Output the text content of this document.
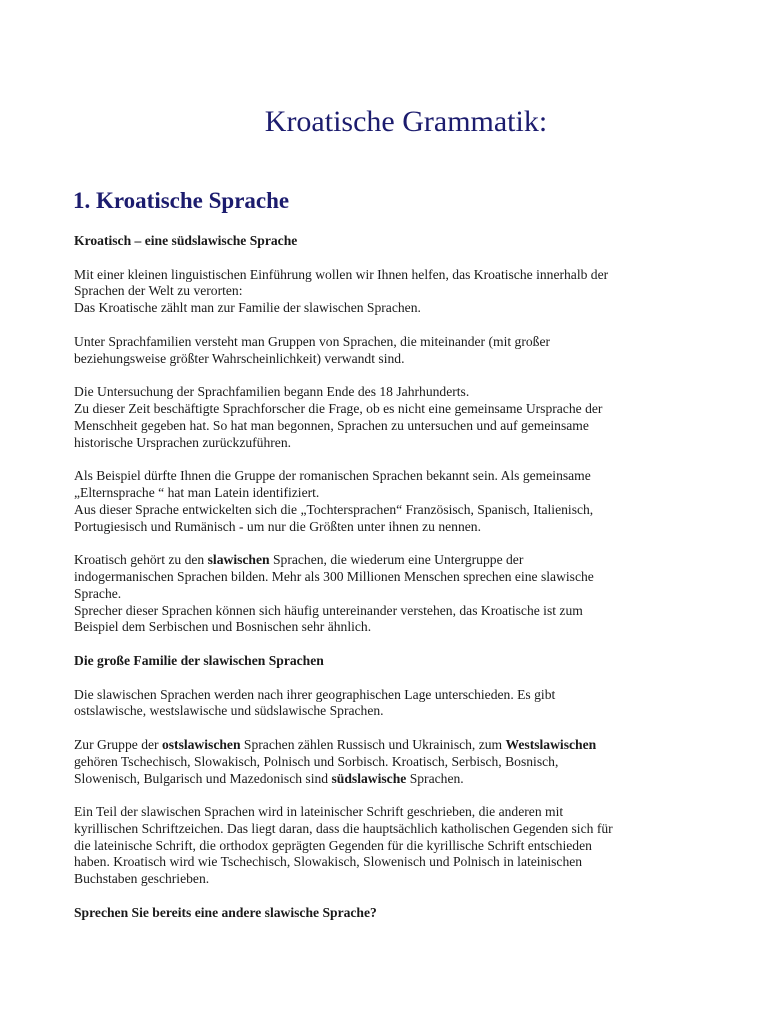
Kroatische Grammatik:
1. Kroatische Sprache
Kroatisch – eine südslawische Sprache

Mit einer kleinen linguistischen Einführung wollen wir Ihnen helfen, das Kroatische innerhalb der
Sprachen der Welt zu verorten:
Das Kroatische zählt man zur Familie der slawischen Sprachen.

Unter Sprachfamilien versteht man Gruppen von Sprachen, die miteinander (mit großer
beziehungsweise größter Wahrscheinlichkeit) verwandt sind.

Die Untersuchung der Sprachfamilien begann Ende des 18 Jahrhunderts.
Zu dieser Zeit beschäftigte Sprachforscher die Frage, ob es nicht eine gemeinsame Ursprache der
Menschheit gegeben hat. So hat man begonnen, Sprachen zu untersuchen und auf gemeinsame
historische Ursprachen zurückzuführen.

Als Beispiel dürfte Ihnen die Gruppe der romanischen Sprachen bekannt sein. Als gemeinsame
„Elternsprache “ hat man Latein identifiziert.
Aus dieser Sprache entwickelten sich die „Tochtersprachen“ Französisch, Spanisch, Italienisch,
Portugiesisch und Rumänisch - um nur die Größten unter ihnen zu nennen.

Kroatisch gehört zu den slawischen Sprachen, die wiederum eine Untergruppe der
indogermanischen Sprachen bilden. Mehr als 300 Millionen Menschen sprechen eine slawische
Sprache.
Sprecher dieser Sprachen können sich häufig untereinander verstehen, das Kroatische ist zum
Beispiel dem Serbischen und Bosnischen sehr ähnlich.

Die große Familie der slawischen Sprachen

Die slawischen Sprachen werden nach ihrer geographischen Lage unterschieden. Es gibt
ostslawische, westslawische und südslawische Sprachen.

Zur Gruppe der ostslawischen Sprachen zählen Russisch und Ukrainisch, zum Westslawischen
gehören Tschechisch, Slowakisch, Polnisch und Sorbisch. Kroatisch, Serbisch, Bosnisch,
Slowenisch, Bulgarisch und Mazedonisch sind südslawische Sprachen.

Ein Teil der slawischen Sprachen wird in lateinischer Schrift geschrieben, die anderen mit
kyrillischen Schriftzeichen. Das liegt daran, dass die hauptsächlich katholischen Gegenden sich für
die lateinische Schrift, die orthodox geprägten Gegenden für die kyrillische Schrift entschieden
haben. Kroatisch wird wie Tschechisch, Slowakisch, Slowenisch und Polnisch in lateinischen
Buchstaben geschrieben.

Sprechen Sie bereits eine andere slawische Sprache?
